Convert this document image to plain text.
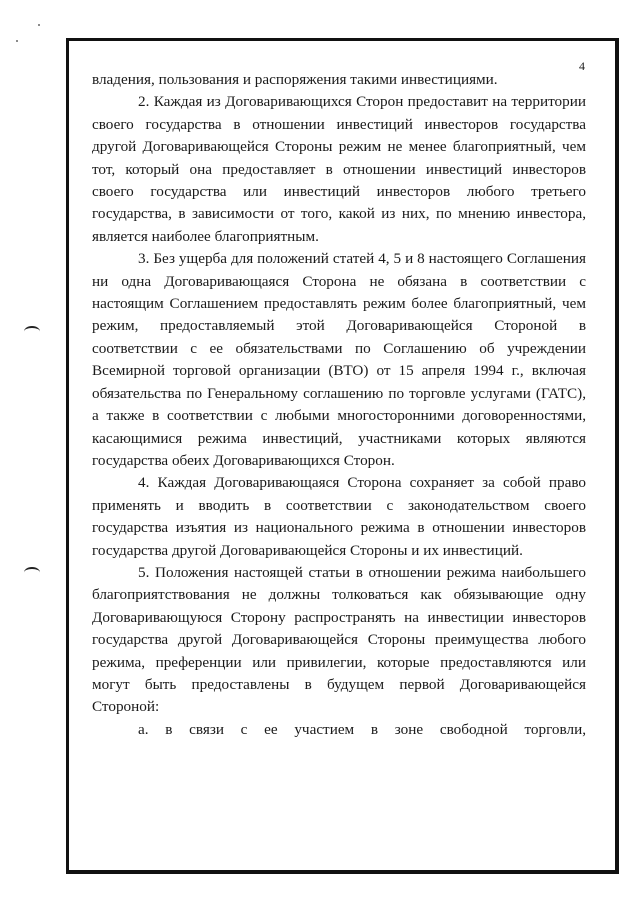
4

владения, пользования и распоряжения такими инвестициями.

2. Каждая из Договаривающихся Сторон предоставит на территории своего государства в отношении инвестиций инвесторов государства другой Договаривающейся Стороны режим не менее благоприятный, чем тот, который она предоставляет в отношении инвестиций инвесторов своего государства или инвестиций инвесторов любого третьего государства, в зависимости от того, какой из них, по мнению инвестора, является наиболее благоприятным.

3. Без ущерба для положений статей 4, 5 и 8 настоящего Соглашения ни одна Договаривающаяся Сторона не обязана в соответствии с настоящим Соглашением предоставлять режим более благоприятный, чем режим, предоставляемый этой Договаривающейся Стороной в соответствии с ее обязательствами по Соглашению об учреждении Всемирной торговой организации (ВТО) от 15 апреля 1994 г., включая обязательства по Генеральному соглашению по торговле услугами (ГАТС), а также в соответствии с любыми многосторонними договоренностями, касающимися режима инвестиций, участниками которых являются государства обеих Договаривающихся Сторон.

4. Каждая Договаривающаяся Сторона сохраняет за собой право применять и вводить в соответствии с законодательством своего государства изъятия из национального режима в отношении инвесторов государства другой Договаривающейся Стороны и их инвестиций.

5. Положения настоящей статьи в отношении режима наибольшего благоприятствования не должны толковаться как обязывающие одну Договаривающуюся Сторону распространять на инвестиции инвесторов государства другой Договаривающейся Стороны преимущества любого режима, преференции или привилегии, которые предоставляются или могут быть предоставлены в будущем первой Договаривающейся Стороной:

a. в связи с ее участием в зоне свободной торговли,
